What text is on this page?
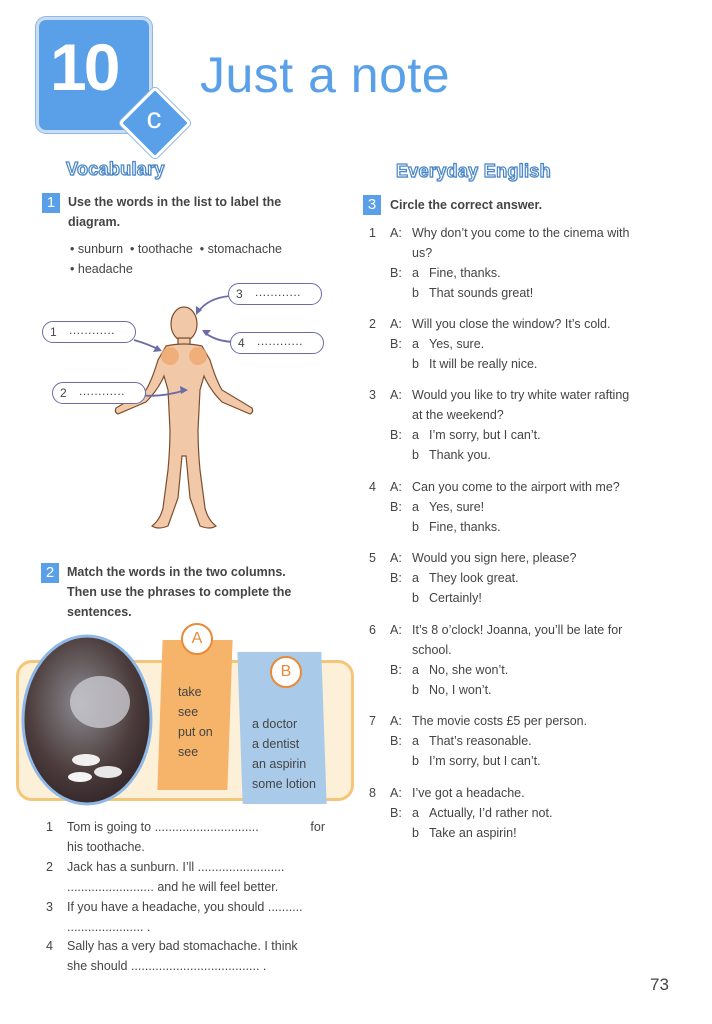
10
c
Just a note
Vocabulary
1	Use the words in the list to label the
diagram.
• sunburn • toothache • stomachache
• headache
1 ............
2 ............
3 ............
4 ............
2	Match the words in the two columns.
Then use the phrases to complete the
sentences.
A
take
see
put on
see
B
a doctor
a dentist
an aspirin
some lotion
1 Tom is going to ..............................	for
his toothache.
2 Jack has a sunburn. I’ll .........................
......................... and he will feel better.
3 If you have a headache, you should ..........
...................... .
4 Sally has a very bad stomachache. I think
she should ..................................... .
Everyday English
3	Circle the correct answer.
1 A: Why don’t you come to the cinema with
us?
B: a Fine, thanks.
b That sounds great!
2 A: Will you close the window? It’s cold.
B: a Yes, sure.
b It will be really nice.
3 A: Would you like to try white water rafting
at the weekend?
B: a I’m sorry, but I can’t.
b Thank you.
4 A: Can you come to the airport with me?
B: a Yes, sure!
b Fine, thanks.
5 A: Would you sign here, please?
B: a They look great.
b Certainly!
6 A: It’s 8 o’clock! Joanna, you’ll be late for
school.
B: a No, she won’t.
b No, I won’t.
7 A: The movie costs £5 per person.
B: a That’s reasonable.
b I’m sorry, but I can’t.
8 A: I’ve got a headache.
B: a Actually, I’d rather not.
b Take an aspirin!
73
